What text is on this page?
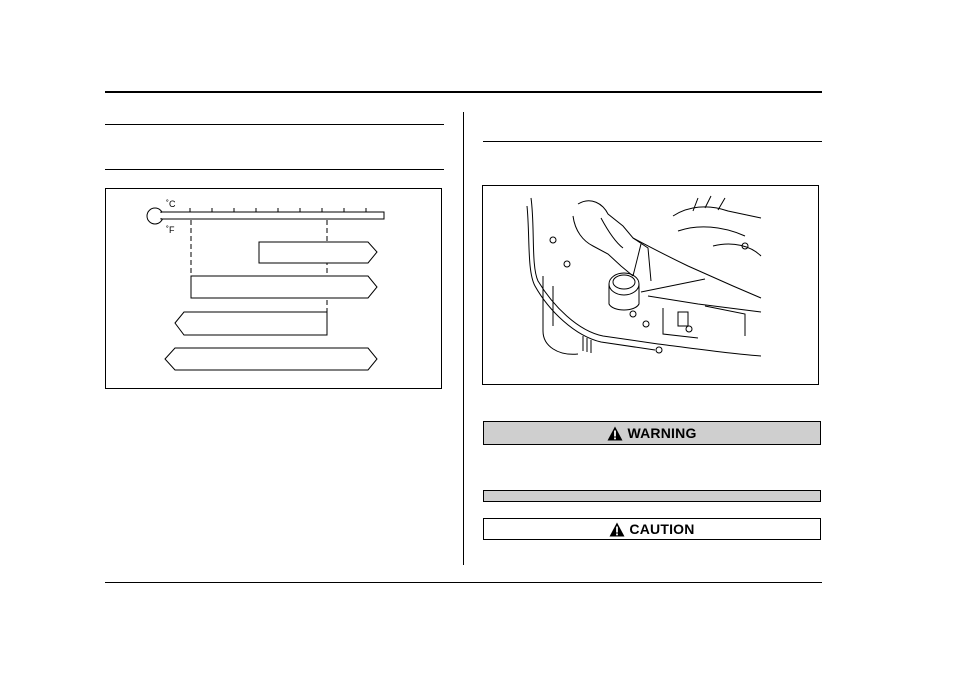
˚C
˚F
WARNING
CAUTION
